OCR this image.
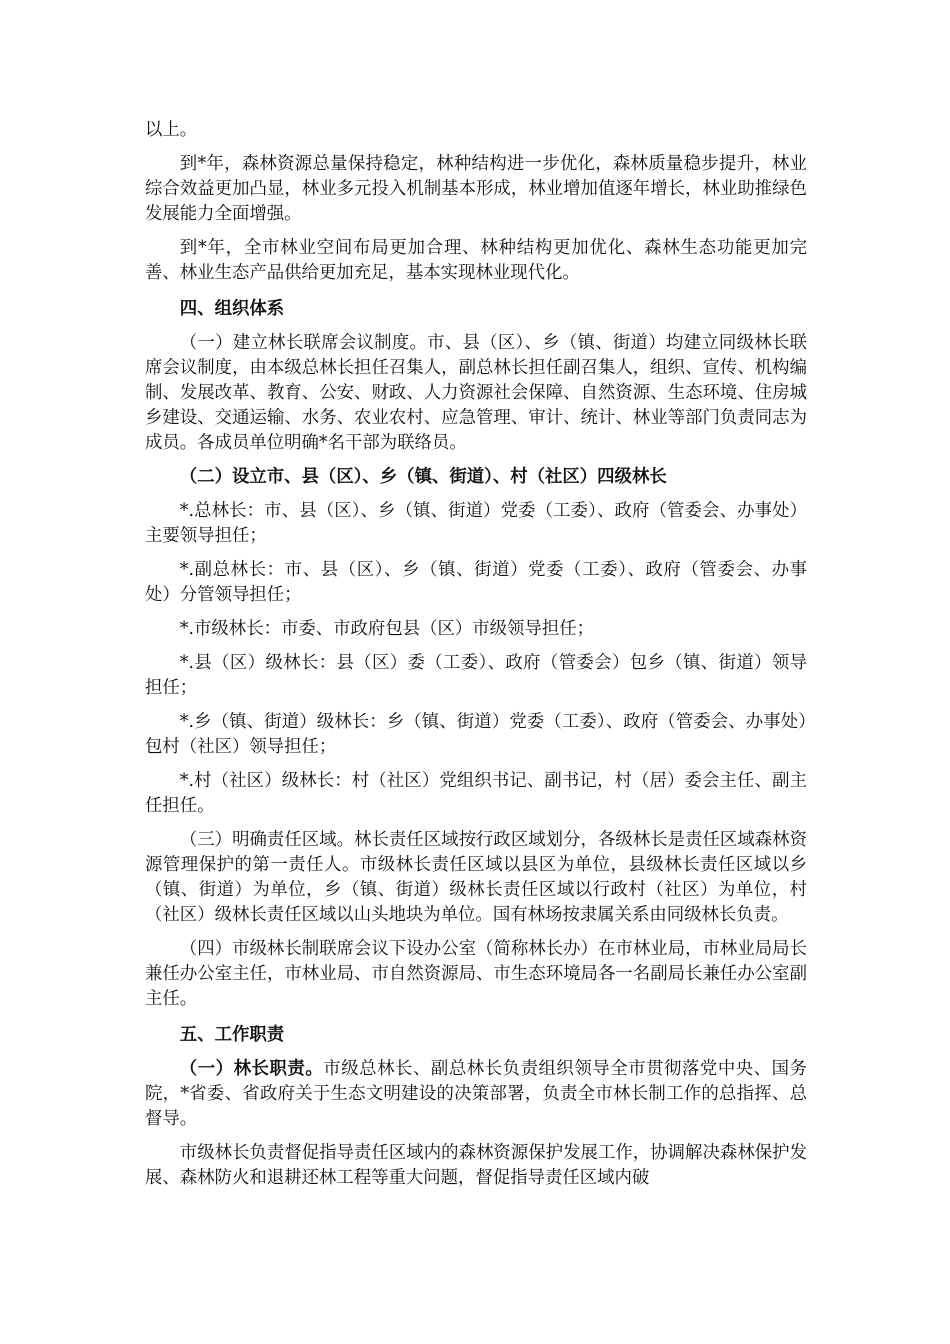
以上。

到*年，森林资源总量保持稳定，林种结构进一步优化，森林质量稳步提升，林业综合效益更加凸显，林业多元投入机制基本形成，林业增加值逐年增长，林业助推绿色发展能力全面增强。

到*年，全市林业空间布局更加合理、林种结构更加优化、森林生态功能更加完善、林业生态产品供给更加充足，基本实现林业现代化。

四、组织体系

（一）建立林长联席会议制度。市、县（区）、乡（镇、街道）均建立同级林长联席会议制度，由本级总林长担任召集人，副总林长担任副召集人，组织、宣传、机构编制、发展改革、教育、公安、财政、人力资源社会保障、自然资源、生态环境、住房城乡建设、交通运输、水务、农业农村、应急管理、审计、统计、林业等部门负责同志为成员。各成员单位明确*名干部为联络员。

（二）设立市、县（区）、乡（镇、街道）、村（社区）四级林长

*.总林长：市、县（区）、乡（镇、街道）党委（工委）、政府（管委会、办事处）主要领导担任；

*.副总林长：市、县（区）、乡（镇、街道）党委（工委）、政府（管委会、办事处）分管领导担任；

*.市级林长：市委、市政府包县（区）市级领导担任；

*.县（区）级林长：县（区）委（工委）、政府（管委会）包乡（镇、街道）领导担任；

*.乡（镇、街道）级林长：乡（镇、街道）党委（工委）、政府（管委会、办事处）包村（社区）领导担任；

*.村（社区）级林长：村（社区）党组织书记、副书记，村（居）委会主任、副主任担任。

（三）明确责任区域。林长责任区域按行政区域划分，各级林长是责任区域森林资源管理保护的第一责任人。市级林长责任区域以县区为单位，县级林长责任区域以乡（镇、街道）为单位，乡（镇、街道）级林长责任区域以行政村（社区）为单位，村（社区）级林长责任区域以山头地块为单位。国有林场按隶属关系由同级林长负责。

（四）市级林长制联席会议下设办公室（简称林长办）在市林业局，市林业局局长兼任办公室主任，市林业局、市自然资源局、市生态环境局各一名副局长兼任办公室副主任。

五、工作职责

（一）林长职责。市级总林长、副总林长负责组织领导全市贯彻落党中央、国务院，*省委、省政府关于生态文明建设的决策部署，负责全市林长制工作的总指挥、总督导。

市级林长负责督促指导责任区域内的森林资源保护发展工作，协调解决森林保护发展、森林防火和退耕还林工程等重大问题，督促指导责任区域内破
